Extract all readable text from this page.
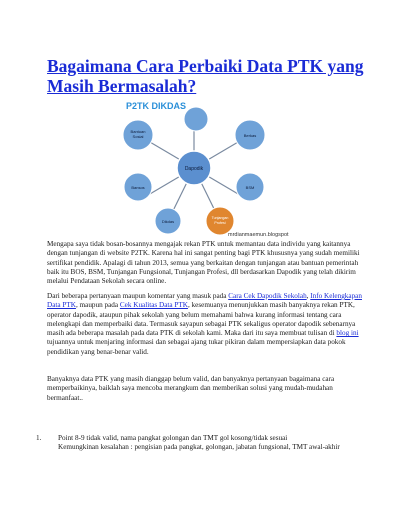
Bagaimana Cara Perbaiki Data PTK yang Masih Bermasalah?
P2TK DIKDAS
Bantuan
Sosial	Berkas
Dapodik
Bansos	BSM
Dikdas
Tunjangan
Profesi
mrdianmaemun.blogspot

Mengapa saya tidak bosan-bosannya mengajak rekan PTK untuk memantau data individu yang kaitannya dengan tunjangan di website P2TK. Karena hal ini sangat penting bagi PTK khususnya yang sudah memiliki sertifikat pendidik. Apalagi di tahun 2013, semua yang berkaitan dengan tunjangan atau bantuan pemerintah baik itu BOS, BSM, Tunjangan Fungsional, Tunjangan Profesi, dll berdasarkan Dapodik yang telah dikirim melalui Pendataan Sekolah secara online.

Dari beberapa pertanyaan maupun komentar yang masuk pada Cara Cek Dapodik Sekolah, Info Kelengkapan Data PTK, maupun pada Cek Kualitas Data PTK, kesemuanya menunjukkan masih banyaknya rekan PTK, operator dapodik, ataupun pihak sekolah yang belum memahami bahwa kurang informasi tentang cara melengkapi dan memperbaiki data. Termasuk sayapun sebagai PTK sekaligus operator dapodik sebenarnya masih ada beberapa masalah pada data PTK di sekolah kami. Maka dari itu saya membuat tulisan di blog ini tujuannya untuk menjaring informasi dan sebagai ajang tukar pikiran dalam mempersiapkan data pokok pendidikan yang benar-benar valid.

Banyaknya data PTK yang masih dianggap belum valid, dan banyaknya pertanyaan bagaimana cara memperbaikinya, baiklah saya mencoba merangkum dan memberikan solusi yang mudah-mudahan bermanfaat..

1. Point 8-9 tidak valid, nama pangkat golongan dan TMT gol kosong/tidak sesuai
Kemungkinan kesalahan : pengisian pada pangkat, golongan, jabatan fungsional, TMT awal-akhir
